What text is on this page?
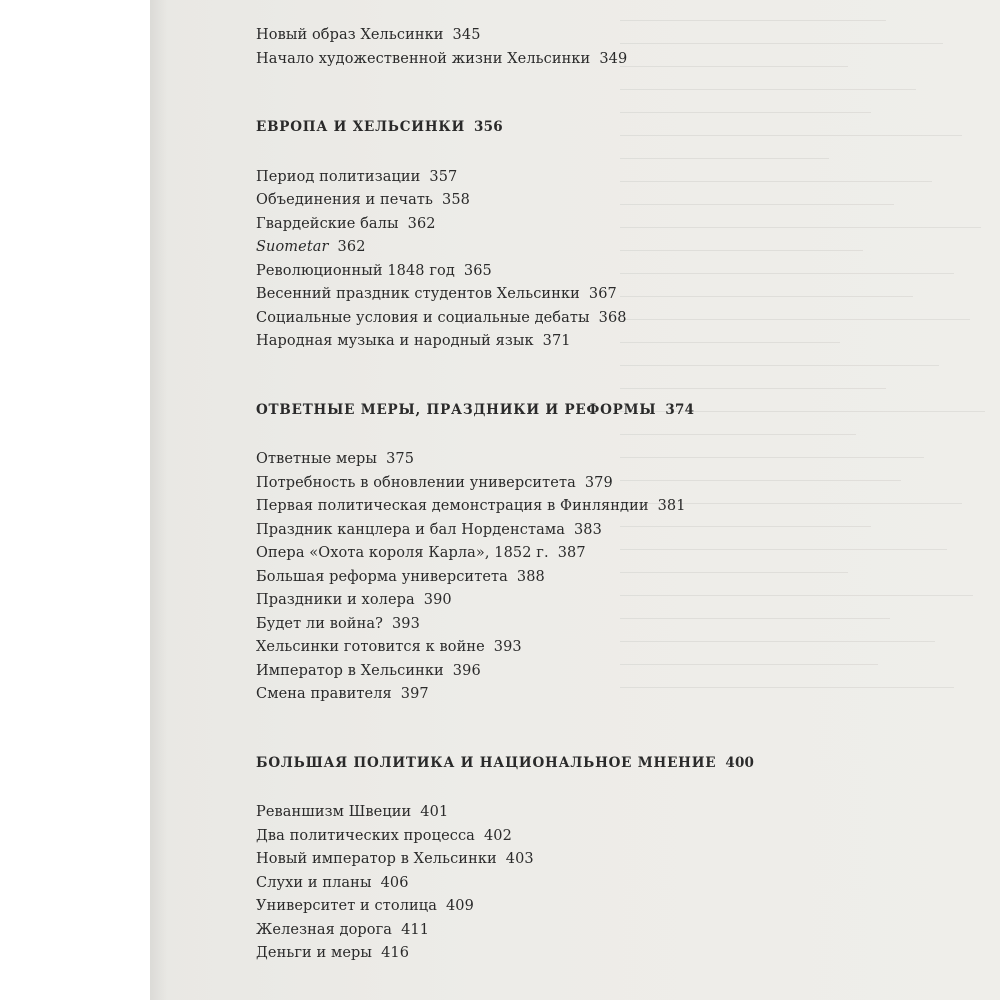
Новый образ Хельсинки 345
Начало художественной жизни Хельсинки 349
ЕВРОПА И ХЕЛЬСИНКИ 356
Период политизации 357
Объединения и печать 358
Гвардейские балы 362
Suometar 362
Революционный 1848 год 365
Весенний праздник студентов Хельсинки 367
Социальные условия и социальные дебаты 368
Народная музыка и народный язык 371
ОТВЕТНЫЕ МЕРЫ, ПРАЗДНИКИ И РЕФОРМЫ 374
Ответные меры 375
Потребность в обновлении университета 379
Первая политическая демонстрация в Финляндии 381
Праздник канцлера и бал Норденстама 383
Опера «Охота короля Карла», 1852 г. 387
Большая реформа университета 388
Праздники и холера 390
Будет ли война? 393
Хельсинки готовится к войне 393
Император в Хельсинки 396
Смена правителя 397
БОЛЬШАЯ ПОЛИТИКА И НАЦИОНАЛЬНОЕ МНЕНИЕ 400
Реваншизм Швеции 401
Два политических процесса 402
Новый император в Хельсинки 403
Слухи и планы 406
Университет и столица 409
Железная дорога 411
Деньги и меры 416
